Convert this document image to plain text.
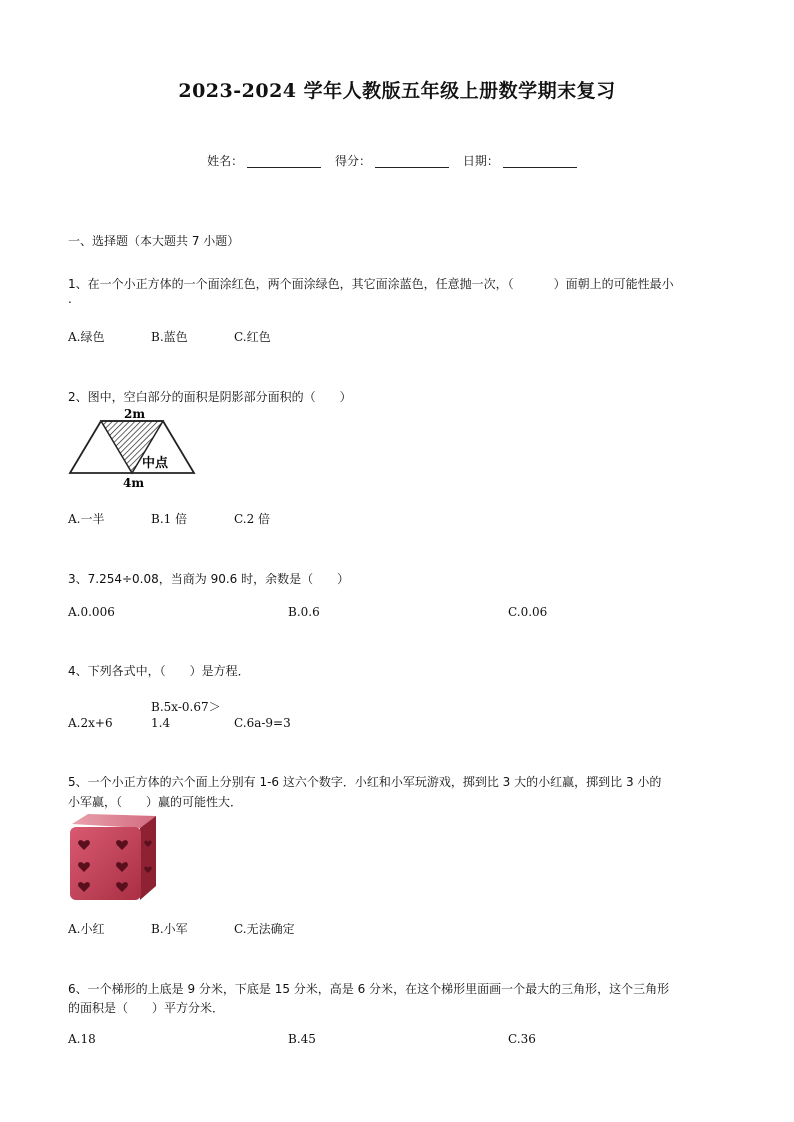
2023-2024 学年人教版五年级上册数学期末复习
姓名：	得分：	日期：
一、选择题（本大题共 7 小题）
1、在一个小正方体的一个面涂红色，两个面涂绿色，其它面涂蓝色，任意抛一次，（	）面朝上的可能性最小
.
A.绿色	B.蓝色	C.红色
2、图中，空白部分的面积是阴影部分面积的（　　）
2m
中点
4m
A.一半	B.1 倍	C.2 倍
3、7.254÷0.08，当商为 90.6 时，余数是（　　）
A.0.006	B.0.6	C.0.06
4、下列各式中，（　　）是方程．
B.5x-0.67＞
A.2x+6	1.4	C.6a-9=3
5、一个小正方体的六个面上分别有 1-6 这六个数字．小红和小军玩游戏，掷到比 3 大的小红赢，掷到比 3 小的
小军赢，（　　）赢的可能性大．
A.小红	B.小军	C.无法确定
6、一个梯形的上底是 9 分米，下底是 15 分米，高是 6 分米，在这个梯形里面画一个最大的三角形，这个三角形
的面积是（　　）平方分米．
A.18	B.45	C.36
